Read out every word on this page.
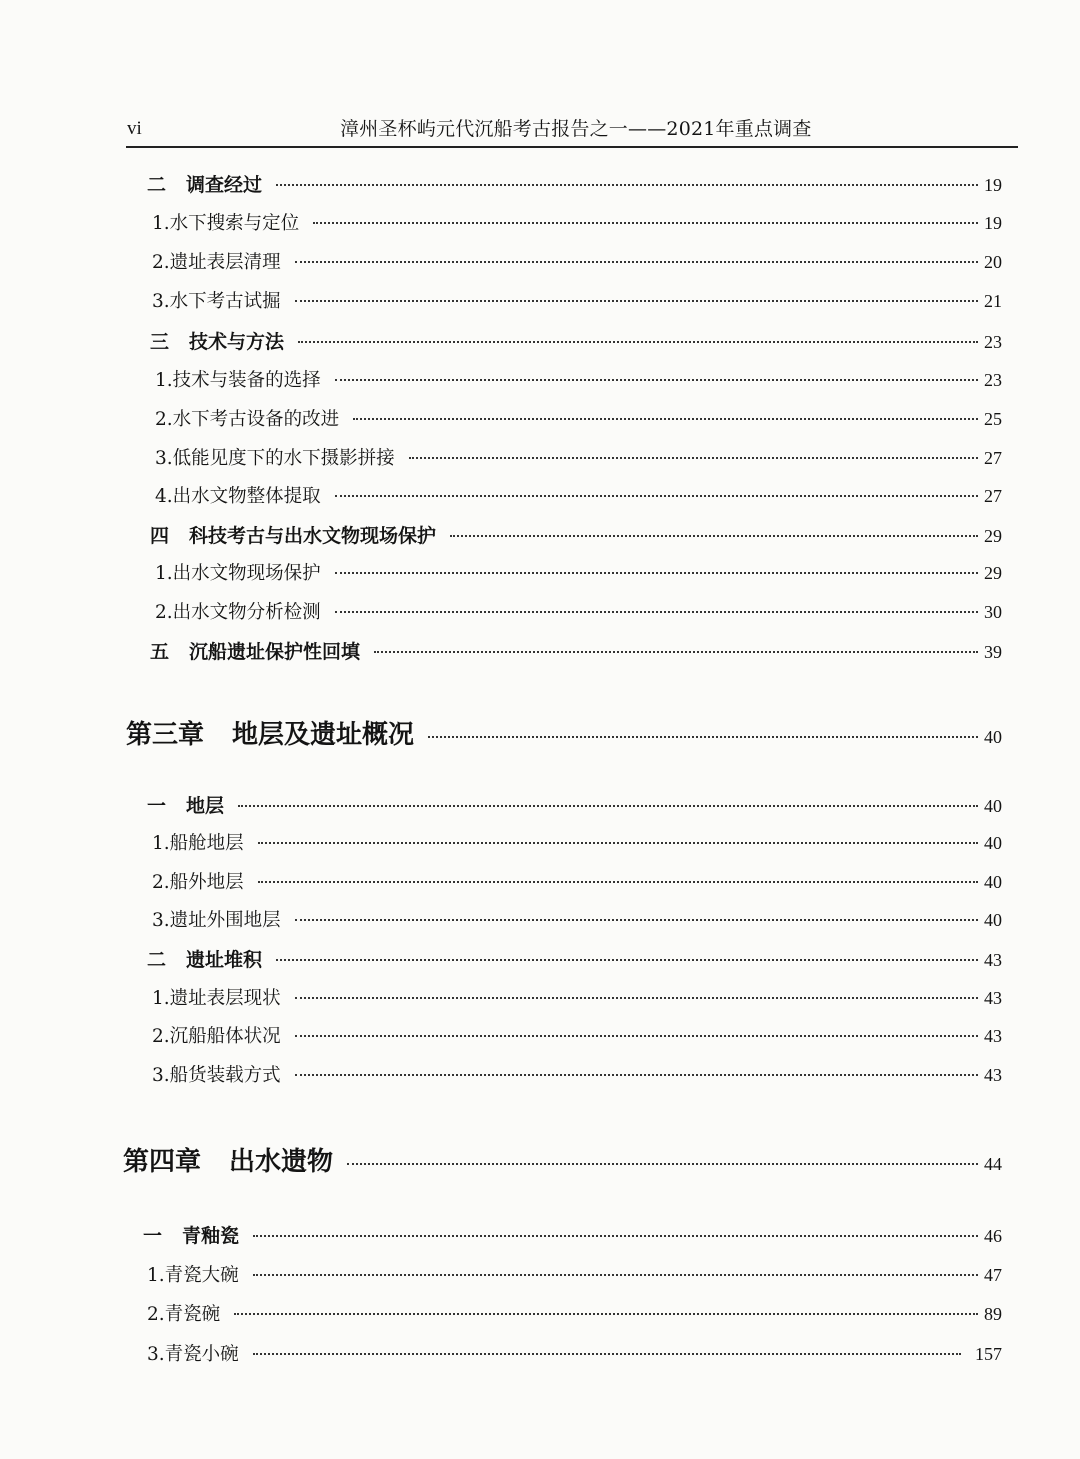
vi	漳州圣杯屿元代沉船考古报告之一——2021年重点调查
二 调查经过	19
1.水下搜索与定位	19
2.遗址表层清理	20
3.水下考古试掘	21
三 技术与方法	23
1.技术与装备的选择	23
2.水下考古设备的改进	25
3.低能见度下的水下摄影拼接	27
4.出水文物整体提取	27
四 科技考古与出水文物现场保护	29
1.出水文物现场保护	29
2.出水文物分析检测	30
五 沉船遗址保护性回填	39
第三章 地层及遗址概况	40
一 地层	40
1.船舱地层	40
2.船外地层	40
3.遗址外围地层	40
二 遗址堆积	43
1.遗址表层现状	43
2.沉船船体状况	43
3.船货装载方式	43
第四章 出水遗物	44
一 青釉瓷	46
1.青瓷大碗	47
2.青瓷碗	89
3.青瓷小碗	157
